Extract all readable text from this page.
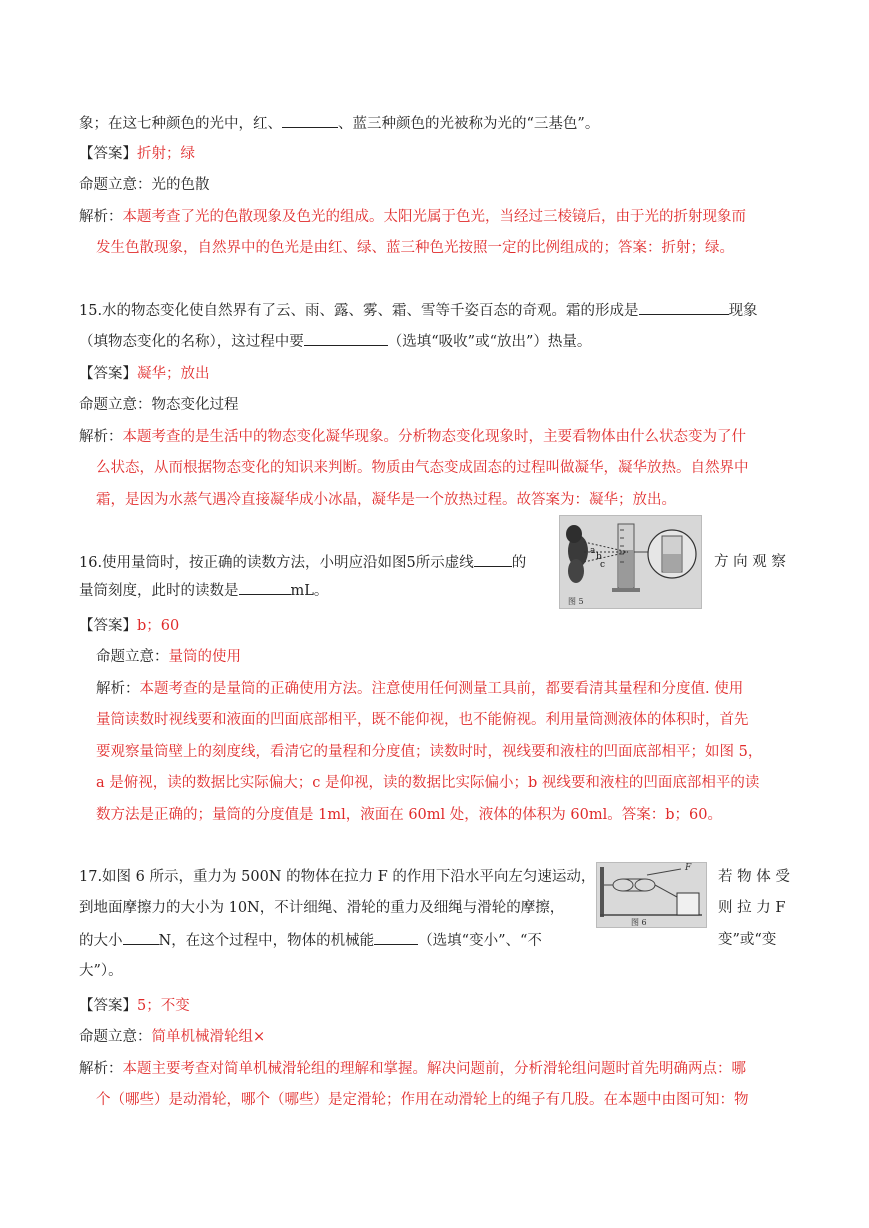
象；在这七种颜色的光中，红、	、蓝三种颜色的光被称为光的“三基色”。
【答案】折射；绿
命题立意：光的色散
解析：本题考查了光的色散现象及色光的组成。太阳光属于色光，当经过三棱镜后，由于光的折射现象而
发生色散现象，自然界中的色光是由红、绿、蓝三种色光按照一定的比例组成的；答案：折射；绿。
15.水的物态变化使自然界有了云、雨、露、雾、霜、雪等千姿百态的奇观。霜的形成是	现象
（填物态变化的名称），这过程中要	（选填“吸收”或“放出”）热量。
【答案】凝华；放出
命题立意：物态变化过程
解析：本题考查的是生活中的物态变化凝华现象。分析物态变化现象时，主要看物体由什么状态变为了什
么状态，从而根据物态变化的知识来判断。物质由气态变成固态的过程叫做凝华，凝华放热。自然界中
霜，是因为水蒸气遇冷直接凝华成小冰晶，凝华是一个放热过程。故答案为：凝华；放出。
16.使用量筒时，按正确的读数方法，小明应沿如图5所示虚线	的	方 向 观 察
量筒刻度，此时的读数是	mL。
a
b
c
图 5
【答案】b；60
命题立意：量筒的使用
解析：本题考查的是量筒的正确使用方法。注意使用任何测量工具前，都要看清其量程和分度值. 使用
量筒读数时视线要和液面的凹面底部相平，既不能仰视，也不能俯视。利用量筒测液体的体积时，首先
要观察量筒壁上的刻度线，看清它的量程和分度值；读数时时，视线要和液柱的凹面底部相平；如图 5，
a 是俯视，读的数据比实际偏大；c 是仰视，读的数据比实际偏小；b 视线要和液柱的凹面底部相平的读
数方法是正确的；量筒的分度值是 1ml，液面在 60ml 处，液体的体积为 60ml。答案：b；60。
17.如图 6 所示，重力为 500N 的物体在拉力 F 的作用下沿水平向左匀速运动，	若 物 体 受
到地面摩擦力的大小为 10N，不计细绳、滑轮的重力及细绳与滑轮的摩擦，	则 拉 力 F
的大小 N，在这个过程中，物体的机械能	（选填“变小”、“不	变”或“变
大”）。
F
图 6
【答案】5；不变
命题立意：简单机械滑轮组×
解析：本题主要考查对简单机械滑轮组的理解和掌握。解决问题前，分析滑轮组问题时首先明确两点：哪
个（哪些）是动滑轮，哪个（哪些）是定滑轮；作用在动滑轮上的绳子有几股。在本题中由图可知：物
